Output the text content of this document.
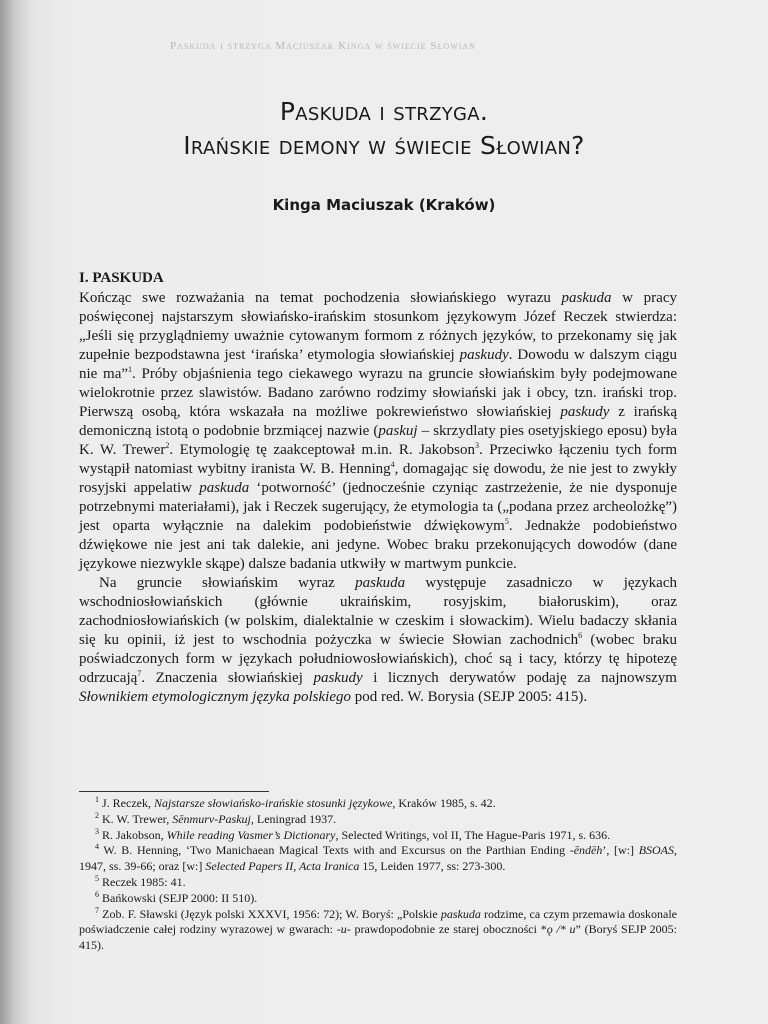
Paskuda i strzyga Maciuszak Kinga w świecie Słowian
Paskuda i strzyga.
Irańskie demony w świecie Słowian?
Kinga Maciuszak (Kraków)
I. PASKUDA

Kończąc swe rozważania na temat pochodzenia słowiańskiego wyrazu paskuda w pracy poświęconej najstarszym słowiańsko-irańskim stosunkom językowym Józef Reczek stwierdza: „Jeśli się przyglądniemy uważnie cytowanym formom z różnych języków, to przekonamy się jak zupełnie bezpodstawna jest ‘irańska’ etymologia słowiańskiej paskudy. Dowodu w dalszym ciągu nie ma”$^1$. Próby objaśnienia tego ciekawego wyrazu na gruncie słowiańskim były podejmowane wielokrotnie przez slawistów. Badano zarówno rodzimy słowiański jak i obcy, tzn. irański trop. Pierwszą osobą, która wskazała na możliwe pokrewieństwo słowiańskiej paskudy z irańską demoniczną istotą o podobnie brzmiącej nazwie (paskuj – skrzydlaty pies osetyjskiego eposu) była K. W. Trewer$^2$. Etymologię tę zaakceptował m.in. R. Jakobson$^3$. Przeciwko łączeniu tych form wystąpił natomiast wybitny iranista W. B. Henning$^4$, domagając się dowodu, że nie jest to zwykły rosyjski appelatiw paskuda ‘potworność’ (jednocześnie czyniąc zastrzeżenie, że nie dysponuje potrzebnymi materiałami), jak i Reczek sugerujący, że etymologia ta („podana przez archeolożkę”) jest oparta wyłącznie na dalekim podobieństwie dźwiękowym$^5$. Jednakże podobieństwo dźwiękowe nie jest ani tak dalekie, ani jedyne. Wobec braku przekonujących dowodów (dane językowe niezwykle skąpe) dalsze badania utkwiły w martwym punkcie.

Na gruncie słowiańskim wyraz paskuda występuje zasadniczo w językach wschodniosłowiańskich (głównie ukraińskim, rosyjskim, białoruskim), oraz zachodniosłowiańskich (w polskim, dialektalnie w czeskim i słowackim). Wielu badaczy skłania się ku opinii, iż jest to wschodnia pożyczka w świecie Słowian zachodnich$^6$ (wobec braku poświadczonych form w językach południowosłowiańskich), choć są i tacy, którzy tę hipotezę odrzucają$^7$. Znaczenia słowiańskiej paskudy i licznych derywatów podaję za najnowszym Słownikiem etymologicznym języka polskiego pod red. W. Borysia (SEJP 2005: 415).

$^1$ J. Reczek, Najstarsze słowiańsko-irańskie stosunki językowe, Kraków 1985, s. 42.

$^2$ K. W. Trewer, Sēnmurv-Paskuj, Leningrad 1937.

$^3$ R. Jakobson, While reading Vasmer’s Dictionary, Selected Writings, vol II, The Hague-Paris 1971, s. 636.

$^4$ W. B. Henning, ‘Two Manichaean Magical Texts with and Excursus on the Parthian Ending -ēndēh’, [w:] BSOAS, 1947, ss. 39-66; oraz [w:] Selected Papers II, Acta Iranica 15, Leiden 1977, ss: 273-300.

$^5$ Reczek 1985: 41.

$^6$ Bańkowski (SEJP 2000: II 510).

$^7$ Zob. F. Sławski (Język polski XXXVI, 1956: 72); W. Boryś: „Polskie paskuda rodzime, ca czym przemawia doskonale poświadczenie całej rodziny wyrazowej w gwarach: -u- prawdopodobnie ze starej oboczności *ǫ /* u” (Boryś SEJP 2005: 415).
